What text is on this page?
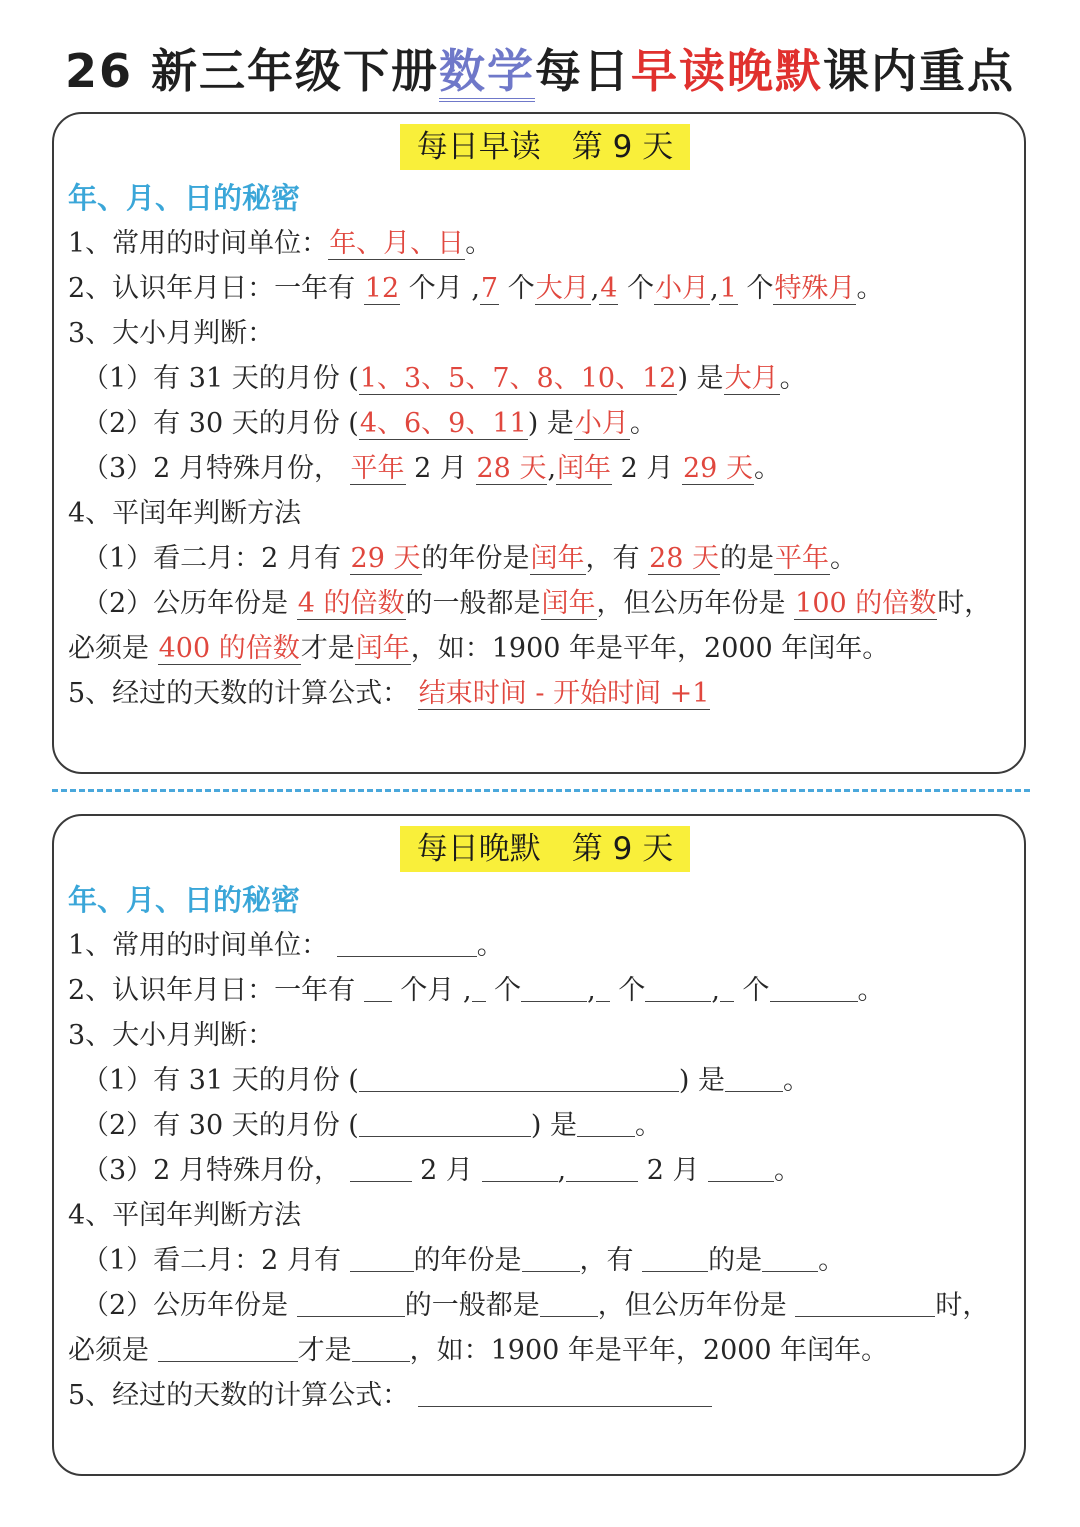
26 新三年级下册数学每日早读晚默课内重点
每日早读　第 9 天
年、月、日的秘密
1、常用的时间单位：年、月、日。
2、认识年月日：一年有 12 个月 ,7 个大月,4 个小月,1 个特殊月。
3、大小月判断：
（1）有 31 天的月份 (1、3、5、7、8、10、12) 是大月。
（2）有 30 天的月份 (4、6、9、11) 是小月。
（3）2 月特殊月份， 平年 2 月 28 天,闰年 2 月 29 天。
4、平闰年判断方法
（1）看二月：2 月有 29 天的年份是闰年，有 28 天的是平年。
（2）公历年份是 4 的倍数的一般都是闰年，但公历年份是 100 的倍数时，
必须是 400 的倍数才是闰年，如：1900 年是平年，2000 年闰年。
5、经过的天数的计算公式： 结束时间 - 开始时间 +1
每日晚默　第 9 天
年、月、日的秘密
1、常用的时间单位：	。
2、认识年月日：一年有 个月 , 个 , 个 , 个	。
3、大小月判断：
（1）有 31 天的月份 (	) 是 。
（2）有 30 天的月份 (	) 是 。
（3）2 月特殊月份，	2 月	,	2 月	。
4、平闰年判断方法
（1）看二月：2 月有	的年份是 ，有	的是 。
（2）公历年份是	的一般都是 ，但公历年份是	时，
必须是	才是 ，如：1900 年是平年，2000 年闰年。
5、经过的天数的计算公式：
